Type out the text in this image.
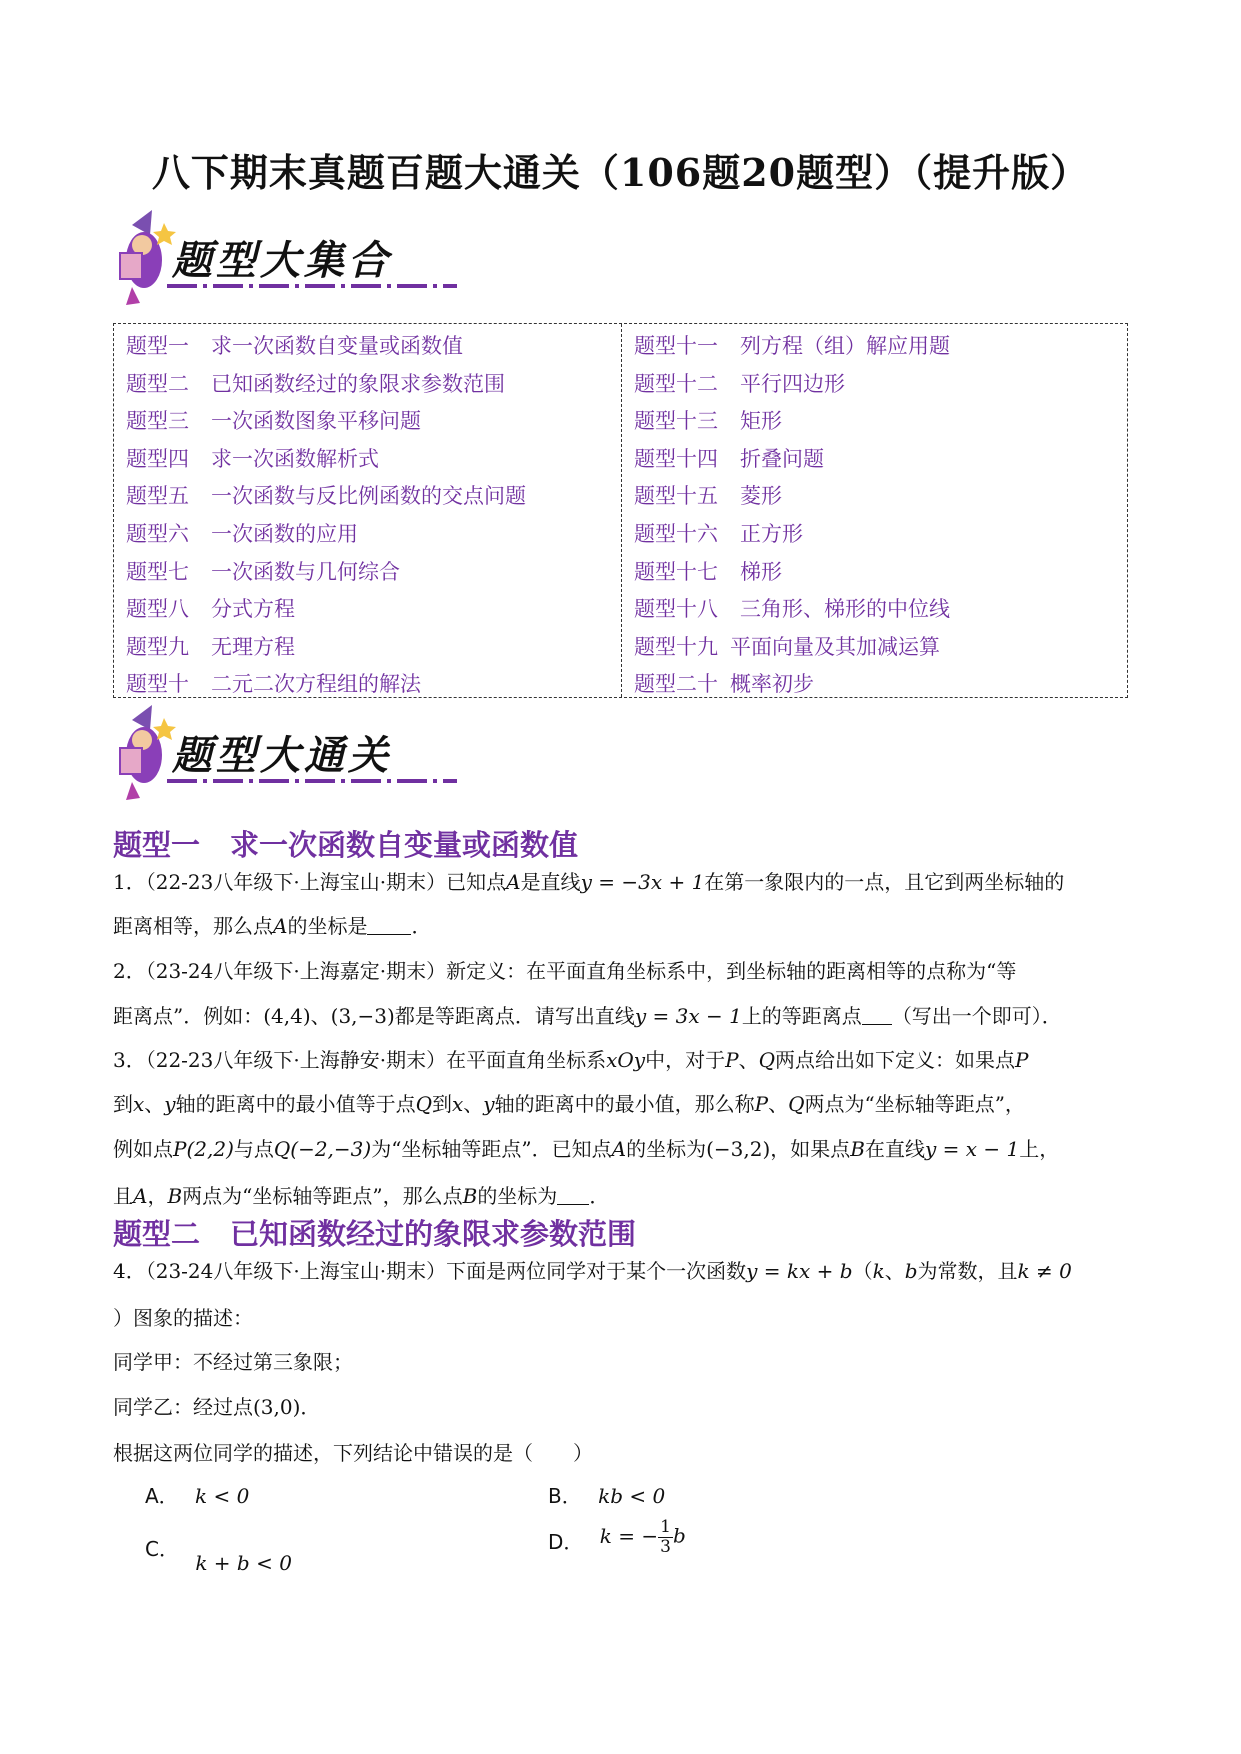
八下期末真题百题大通关（106题20题型）（提升版）
题型大集合
题型一 求一次函数自变量或函数值
题型二 已知函数经过的象限求参数范围
题型三 一次函数图象平移问题
题型四 求一次函数解析式
题型五 一次函数与反比例函数的交点问题
题型六 一次函数的应用
题型七 一次函数与几何综合
题型八 分式方程
题型九 无理方程
题型十 二元二次方程组的解法
题型十一 列方程（组）解应用题
题型十二 平行四边形
题型十三 矩形
题型十四 折叠问题
题型十五 菱形
题型十六 正方形
题型十七 梯形
题型十八 三角形、梯形的中位线
题型十九 平面向量及其加减运算
题型二十 概率初步
题型大通关
题型一 求一次函数自变量或函数值
1．（22-23八年级下·上海宝山·期末）已知点A是直线y = −3x + 1在第一象限内的一点，且它到两坐标轴的
距离相等，那么点A的坐标是 ．
2．（23-24八年级下·上海嘉定·期末）新定义：在平面直角坐标系中，到坐标轴的距离相等的点称为“等
距离点”．例如：(4,4)、(3,−3)都是等距离点．请写出直线y = 3x − 1上的等距离点 （写出一个即可）．
3．（22-23八年级下·上海静安·期末）在平面直角坐标系xOy中，对于P、Q两点给出如下定义：如果点P
到x、y轴的距离中的最小值等于点Q到x、y轴的距离中的最小值，那么称P、Q两点为“坐标轴等距点”，
例如点P(2,2)与点Q(−2,−3)为“坐标轴等距点”．已知点A的坐标为(−3,2)，如果点B在直线y = x − 1上，
且A，B两点为“坐标轴等距点”，那么点B的坐标为 ．
题型二 已知函数经过的象限求参数范围
4．（23-24八年级下·上海宝山·期末）下面是两位同学对于某个一次函数y = kx + b（k、b为常数，且k ≠ 0
）图象的描述：
同学甲：不经过第三象限；
同学乙：经过点(3,0)．
根据这两位同学的描述，下列结论中错误的是（　　）
A． k < 0	B． kb < 0
C． k + b < 0
D． k = − $\frac{1}{3}$ b
